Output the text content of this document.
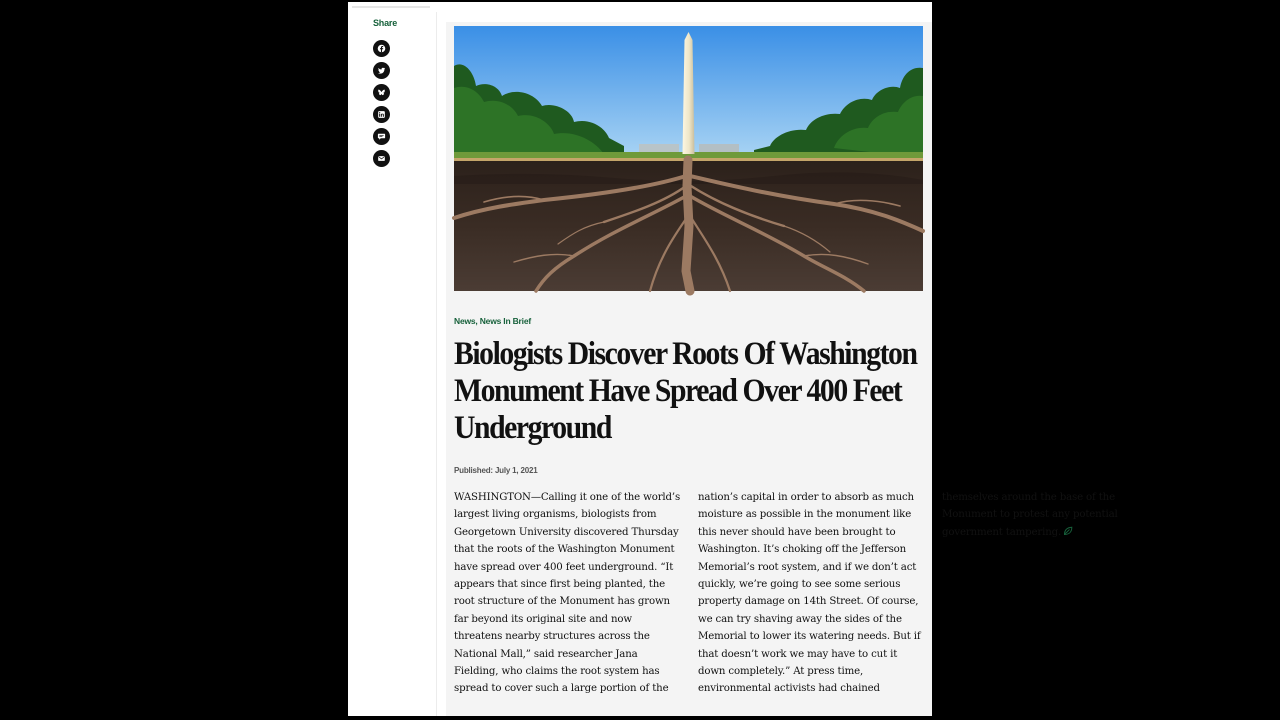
Share
News, News In Brief
Biologists Discover Roots Of Washington Monument Have Spread Over 400 Feet Underground
Published: July 1, 2021

WASHINGTON—Calling it one of the world’s largest living organisms, biologists from Georgetown University discovered Thursday that the roots of the Washington Monument have spread over 400 feet underground. “It appears that since first being planted, the root structure of the Monument has grown far beyond its original site and now threatens nearby structures across the National Mall,” said researcher Jana Fielding, who claims the root system has spread to cover such a large portion of the nation’s capital in order to absorb as much moisture as possible in the monument like this never should have been brought to Washington. It’s choking off the Jefferson Memorial’s root system, and if we don’t act quickly, we’re going to see some serious property damage on 14th Street. Of course, we can try shaving away the sides of the Memorial to lower its watering needs. But if that doesn’t work we may have to cut it down completely.” At press time, environmental activists had chained themselves around the base of the Monument to protest any potential government tampering.
